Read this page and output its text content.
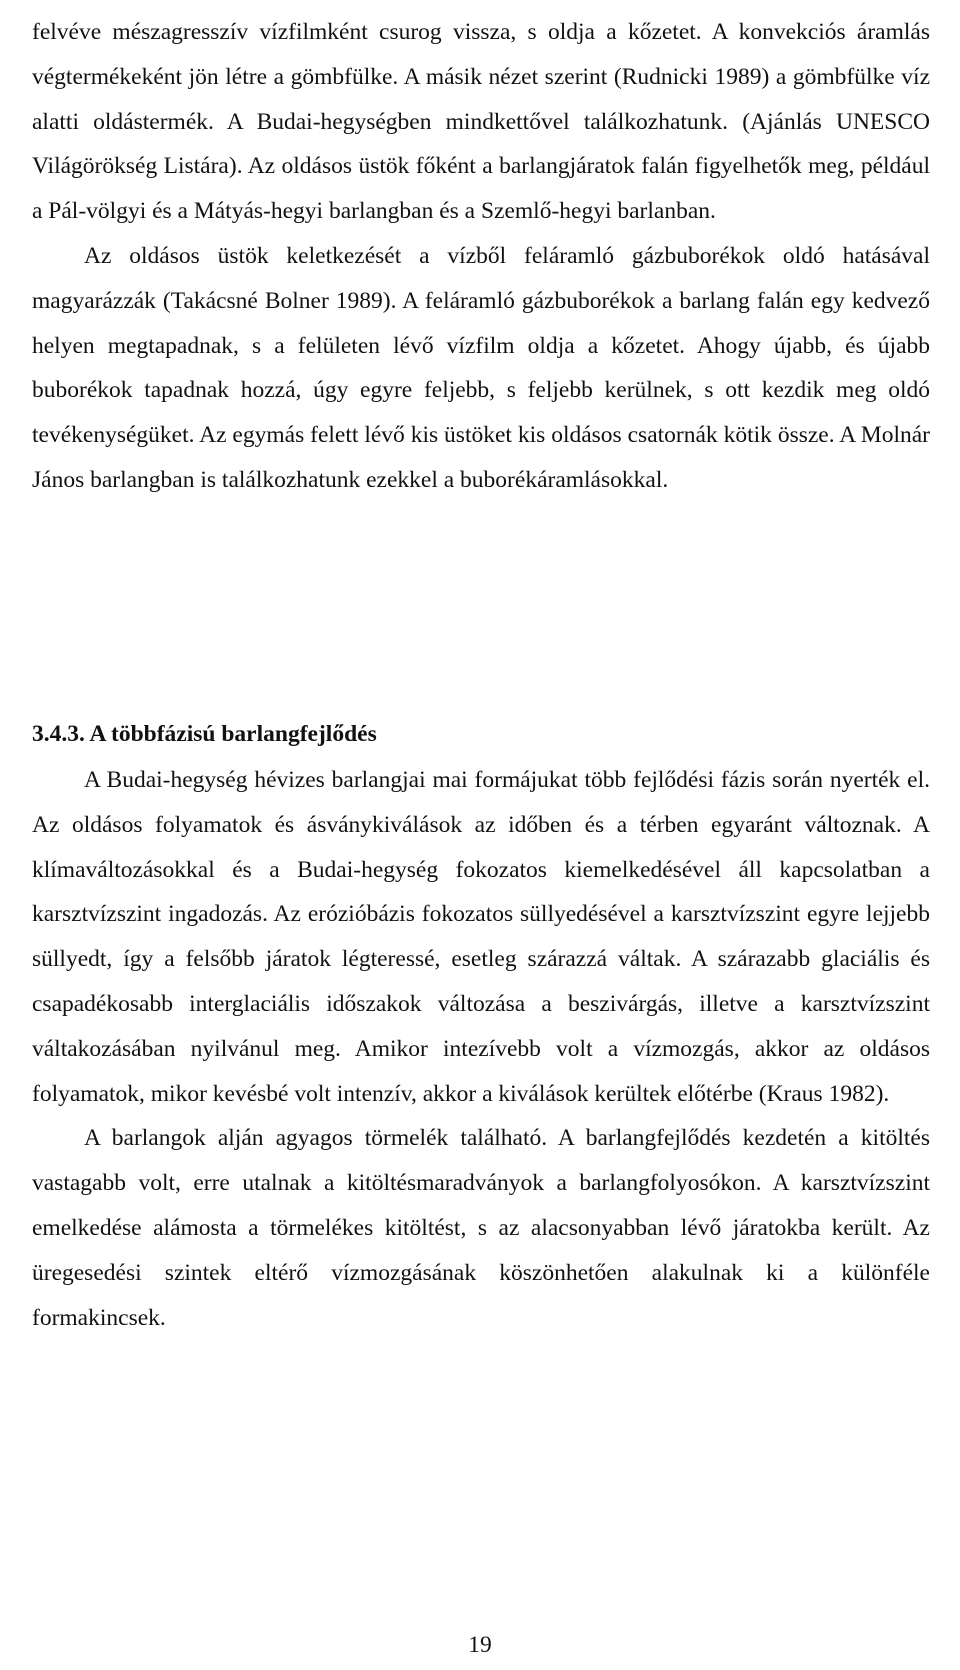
felvéve mészagresszív vízfilmként csurog vissza, s oldja a kőzetet. A konvekciós áramlás végtermékeként jön létre a gömbfülke. A másik nézet szerint (Rudnicki 1989) a gömbfülke víz alatti oldástermék. A Budai-hegységben mindkettővel találkozhatunk. (Ajánlás UNESCO Világörökség Listára). Az oldásos üstök főként a barlangjáratok falán figyelhetők meg, például a Pál-völgyi és a Mátyás-hegyi barlangban és a Szemlő-hegyi barlanban.

Az oldásos üstök keletkezését a vízből feláramló gázbuborékok oldó hatásával magyarázzák (Takácsné Bolner 1989). A feláramló gázbuborékok a barlang falán egy kedvező helyen megtapadnak, s a felületen lévő vízfilm oldja a kőzetet. Ahogy újabb, és újabb buborékok tapadnak hozzá, úgy egyre feljebb, s feljebb kerülnek, s ott kezdik meg oldó tevékenységüket. Az egymás felett lévő kis üstöket kis oldásos csatornák kötik össze. A Molnár János barlangban is találkozhatunk ezekkel a buborékáramlásokkal.

3.4.3. A többfázisú barlangfejlődés

A Budai-hegység hévizes barlangjai mai formájukat több fejlődési fázis során nyerték el. Az oldásos folyamatok és ásványkiválások az időben és a térben egyaránt változnak. A klímaváltozásokkal és a Budai-hegység fokozatos kiemelkedésével áll kapcsolatban a karsztvízszint ingadozás. Az erózióbázis fokozatos süllyedésével a karsztvízszint egyre lejjebb süllyedt, így a felsőbb járatok légteressé, esetleg szárazzá váltak. A szárazabb glaciális és csapadékosabb interglaciális időszakok változása a beszivárgás, illetve a karsztvízszint váltakozásában nyilvánul meg. Amikor intezívebb volt a vízmozgás, akkor az oldásos folyamatok, mikor kevésbé volt intenzív, akkor a kiválások kerültek előtérbe (Kraus 1982).

A barlangok alján agyagos törmelék található. A barlangfejlődés kezdetén a kitöltés vastagabb volt, erre utalnak a kitöltésmaradványok a barlangfolyosókon. A karsztvízszint emelkedése alámosta a törmelékes kitöltést, s az alacsonyabban lévő járatokba került. Az üregesedési szintek eltérő vízmozgásának köszönhetően alakulnak ki a különféle formakincsek.

19
